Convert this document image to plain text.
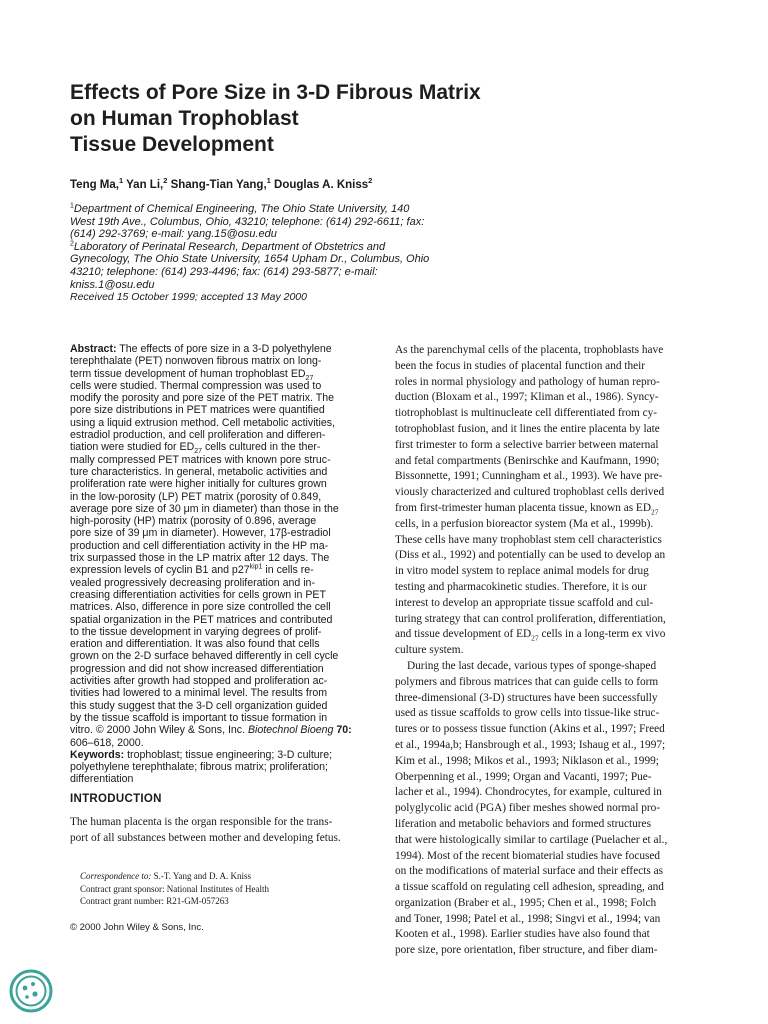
Effects of Pore Size in 3-D Fibrous Matrix
on Human Trophoblast
Tissue Development
Teng Ma,$^1$ Yan Li,$^2$ Shang-Tian Yang,$^1$ Douglas A. Kniss$^2$
$^1$Department of Chemical Engineering, The Ohio State University, 140
West 19th Ave., Columbus, Ohio, 43210; telephone: (614) 292-6611; fax:
(614) 292-3769; e-mail: yang.15@osu.edu
$^2$Laboratory of Perinatal Research, Department of Obstetrics and
Gynecology, The Ohio State University, 1654 Upham Dr., Columbus, Ohio
43210; telephone: (614) 293-4496; fax: (614) 293-5877; e-mail:
kniss.1@osu.edu
Received 15 October 1999; accepted 13 May 2000
Abstract: The effects of pore size in a 3-D polyethylene
terephthalate (PET) nonwoven fibrous matrix on long-
term tissue development of human trophoblast $ED_{27}$
cells were studied. Thermal compression was used to
modify the porosity and pore size of the PET matrix. The
pore size distributions in PET matrices were quantified
using a liquid extrusion method. Cell metabolic activities,
estradiol production, and cell proliferation and differen-
tiation were studied for $ED_{27}$ cells cultured in the ther-
mally compressed PET matrices with known pore struc-
ture characteristics. In general, metabolic activities and
proliferation rate were higher initially for cultures grown
in the low-porosity (LP) PET matrix (porosity of 0.849,
average pore size of 30 μm in diameter) than those in the
high-porosity (HP) matrix (porosity of 0.896, average
pore size of 39 μm in diameter). However, 17β-estradiol
production and cell differentiation activity in the HP ma-
trix surpassed those in the LP matrix after 12 days. The
expression levels of cyclin B1 and $p27^{kip1}$ in cells re-
vealed progressively decreasing proliferation and in-
creasing differentiation activities for cells grown in PET
matrices. Also, difference in pore size controlled the cell
spatial organization in the PET matrices and contributed
to the tissue development in varying degrees of prolif-
eration and differentiation. It was also found that cells
grown on the 2-D surface behaved differently in cell cycle
progression and did not show increased differentiation
activities after growth had stopped and proliferation ac-
tivities had lowered to a minimal level. The results from
this study suggest that the 3-D cell organization guided
by the tissue scaffold is important to tissue formation in
vitro. © 2000 John Wiley & Sons, Inc. Biotechnol Bioeng 70:
606–618, 2000.
Keywords: trophoblast; tissue engineering; 3-D culture;
polyethylene terephthalate; fibrous matrix; proliferation;
differentiation
INTRODUCTION
The human placenta is the organ responsible for the trans-
port of all substances between mother and developing fetus.
Correspondence to: S.-T. Yang and D. A. Kniss
Contract grant sponsor: National Institutes of Health
Contract grant number: R21-GM-057263
© 2000 John Wiley & Sons, Inc.
As the parenchymal cells of the placenta, trophoblasts have
been the focus in studies of placental function and their
roles in normal physiology and pathology of human repro-
duction (Bloxam et al., 1997; Kliman et al., 1986). Syncy-
tiotrophoblast is multinucleate cell differentiated from cy-
totrophoblast fusion, and it lines the entire placenta by late
first trimester to form a selective barrier between maternal
and fetal compartments (Benirschke and Kaufmann, 1990;
Bissonnette, 1991; Cunningham et al., 1993). We have pre-
viously characterized and cultured trophoblast cells derived
from first-trimester human placenta tissue, known as $ED_{27}$
cells, in a perfusion bioreactor system (Ma et al., 1999b).
These cells have many trophoblast stem cell characteristics
(Diss et al., 1992) and potentially can be used to develop an
in vitro model system to replace animal models for drug
testing and pharmacokinetic studies. Therefore, it is our
interest to develop an appropriate tissue scaffold and cul-
turing strategy that can control proliferation, differentiation,
and tissue development of $ED_{27}$ cells in a long-term ex vivo
culture system.
During the last decade, various types of sponge-shaped
polymers and fibrous matrices that can guide cells to form
three-dimensional (3-D) structures have been successfully
used as tissue scaffolds to grow cells into tissue-like struc-
tures or to possess tissue function (Akins et al., 1997; Freed
et al., 1994a,b; Hansbrough et al., 1993; Ishaug et al., 1997;
Kim et al., 1998; Mikos et al., 1993; Niklason et al., 1999;
Oberpenning et al., 1999; Organ and Vacanti, 1997; Pue-
lacher et al., 1994). Chondrocytes, for example, cultured in
polyglycolic acid (PGA) fiber meshes showed normal pro-
liferation and metabolic behaviors and formed structures
that were histologically similar to cartilage (Puelacher et al.,
1994). Most of the recent biomaterial studies have focused
on the modifications of material surface and their effects as
a tissue scaffold on regulating cell adhesion, spreading, and
organization (Braber et al., 1995; Chen et al., 1998; Folch
and Toner, 1998; Patel et al., 1998; Singvi et al., 1994; van
Kooten et al., 1998). Earlier studies have also found that
pore size, pore orientation, fiber structure, and fiber diam-
